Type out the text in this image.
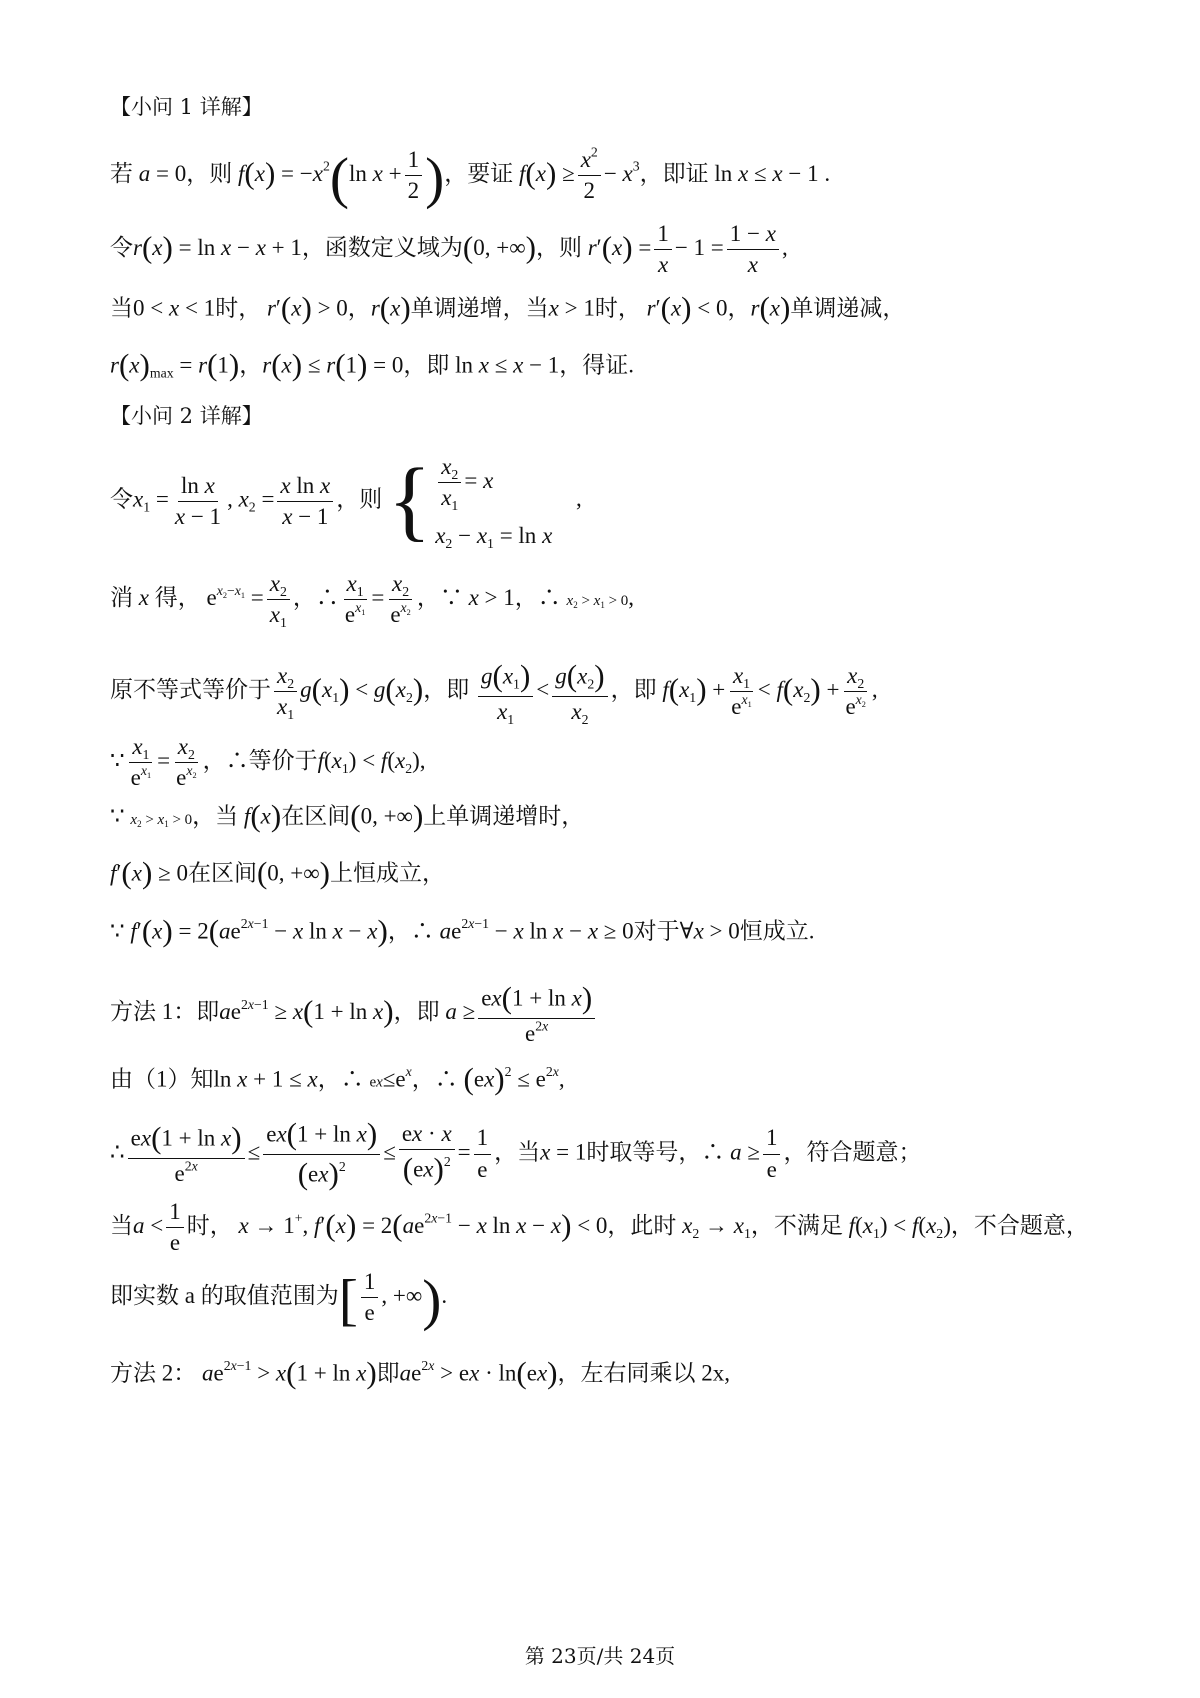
【小问 1 详解】
若 a = 0，则 $f(x) = -x^2(\ln$ $x + \frac{1}{2}$ )，要证 $f(x) \ge \frac{x^2}{2} - x^3$，即证 ln x ≤ x − 1 .
令r(x) = ln x − x + 1，函数定义域为(0, +∞)，则 $r'(x) = \frac{1}{x} - 1 = \frac{1 - x}{x}$ ,
当0 < x < 1时， r′(x) > 0，r(x)单调递增，当x > 1时， r′(x) < 0，r(x)单调递减，
$r(x)_{max} = r(1)$，r(x) ≤ r(1) = 0，即 ln x ≤ x − 1，得证.
【小问 2 详解】
令$x_1 = \frac{\text{ln x}}{x - 1}$ , $x_2 = \frac{\text{x ln x}}{x - 1}$ ，则 { $\frac{x_2}{x_1} = x$
$x_2 - x_1 = \ln x$
,
消 x 得， $e^{x_2-x_1} = \frac{x_2}{x_1}$ ，∴ $\frac{x_1}{e^{x_1}} = \frac{x_2}{e^{x_2}}$ ，∵ x > 1，∴ $x_2 > x_1 > 0$,
原不等式等价于 $\frac{x_2}{x_1} g(x_1) < g(x_2)$，即 $\frac{g(x_1)}{x_1} < \frac{g(x_2)}{x_2}$ ，即 $f(x_1) + \frac{x_1}{e^{x_1}} < f(x_2) + \frac{x_2}{e^{x_2}}$ ,
∵ $\frac{x_1}{e^{x_1}} = \frac{x_2}{e^{x_2}}$ ，∴等价于$f(x_1) < f(x_2)$,
∵ $x_2 > x_1 > 0$，当 f(x)在区间(0, +∞)上单调递增时，
f′(x) ≥ 0在区间(0, +∞)上恒成立，
∵ $f'(x) = 2(ae^{2x-1} - x$ ln x − x)，∴ $ae^{2x-1} - x$ ln x − x ≥ 0对于∀x > 0恒成立.
方法 1：即$ae^{2x-1} \ge x(1 + \ln x)$，即 $a \ge \frac{\text{ex(1 + ln x)}}{e^{2x}}$
由（1）知ln x + 1 ≤ x，∴ $ex\le e^x$，∴ $(ex)^2 \le e^{2x}$,
∴ $\frac{\text{ex(1 + ln x)}}{e^{2x}} \le \frac{\text{ex(1 + ln x)}}{(ex)^2} \le \frac{ex \cdot x}{(ex)^2} = \frac{1}{e}$ ，当x = 1时取等号，∴ $a \ge \frac{1}{e}$ ，符合题意；
当$a < \frac{1}{e}$ 时， x → 1+, $f'(x) = 2(ae^{2x-1} - x$ ln x − x) < 0，此时 $x_2 \to x_1$，不满足 $f(x_1) < f(x_2)$，不合题意，
即实数 a 的取值范围为[ $\frac{1}{e}$ , +∞).
方法 2： $ae^{2x-1} > x(1 + \ln x)$即$ae^{2x}$ > ex · ln(ex)，左右同乘以 2x,
第 23页/共 24页
